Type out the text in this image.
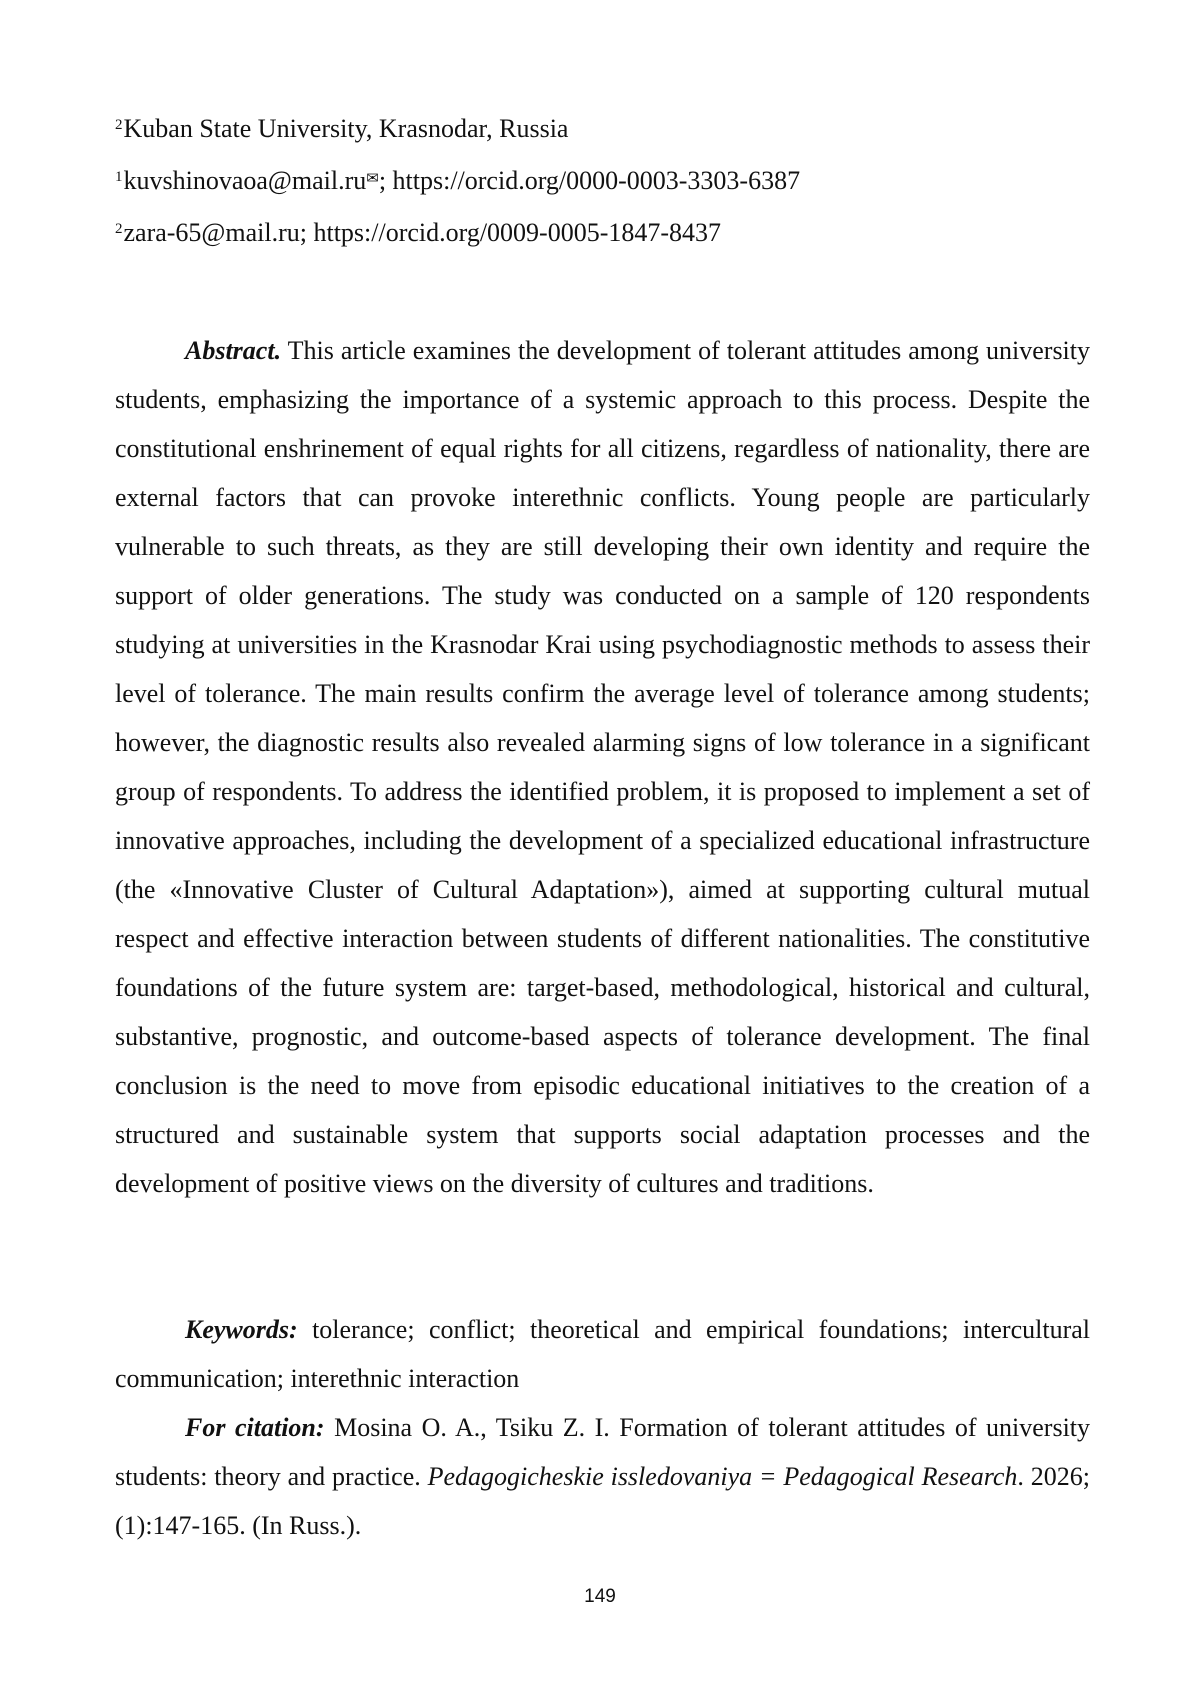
$^2$Kuban State University, Krasnodar, Russia
$^1$kuvshinovaoa@mail.ru✉; https://orcid.org/0000-0003-3303-6387
$^2$zara-65@mail.ru; https://orcid.org/0009-0005-1847-8437

Abstract. This article examines the development of tolerant attitudes among university students, emphasizing the importance of a systemic approach to this process. Despite the constitutional enshrinement of equal rights for all citizens, regardless of nationality, there are external factors that can provoke interethnic conflicts. Young people are particularly vulnerable to such threats, as they are still developing their own identity and require the support of older generations. The study was conducted on a sample of 120 respondents studying at universities in the Krasnodar Krai using psychodiagnostic methods to assess their level of tolerance. The main results confirm the average level of tolerance among students; however, the diagnostic results also revealed alarming signs of low tolerance in a significant group of respondents. To address the identified problem, it is proposed to implement a set of innovative approaches, including the development of a specialized educational infrastructure (the «Innovative Cluster of Cultural Adaptation»), aimed at supporting cultural mutual respect and effective interaction between students of different nationalities. The constitutive foundations of the future system are: target-based, methodological, historical and cultural, substantive, prognostic, and outcome-based aspects of tolerance development. The final conclusion is the need to move from episodic educational initiatives to the creation of a structured and sustainable system that supports social adaptation processes and the development of positive views on the diversity of cultures and traditions.

Keywords: tolerance; conflict; theoretical and empirical foundations; intercultural communication; interethnic interaction

For citation: Mosina O. A., Tsiku Z. I. Formation of tolerant attitudes of university students: theory and practice. Pedagogicheskie issledovaniya = Pedagogical Research. 2026;(1):147-165. (In Russ.).

149
